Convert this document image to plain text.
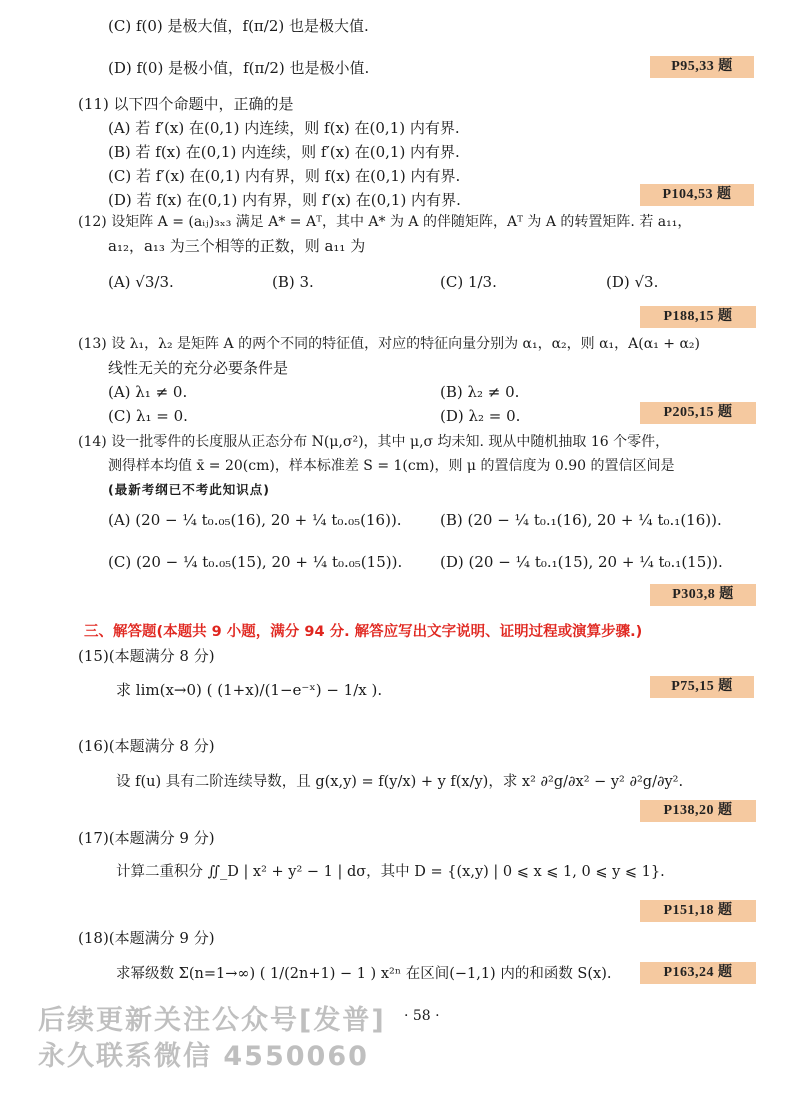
(C) f(0) 是极大值，f(π/2) 也是极大值.
(D) f(0) 是极小值，f(π/2) 也是极小值.	P95,33 题
(11) 以下四个命题中，正确的是
(A) 若 f′(x) 在(0,1) 内连续，则 f(x) 在(0,1) 内有界.
(B) 若 f(x) 在(0,1) 内连续，则 f′(x) 在(0,1) 内有界.
(C) 若 f′(x) 在(0,1) 内有界，则 f(x) 在(0,1) 内有界.
(D) 若 f(x) 在(0,1) 内有界，则 f′(x) 在(0,1) 内有界.	P104,53 题
(12) 设矩阵 A = (aᵢⱼ)₃ₓ₃ 满足 A* = Aᵀ，其中 A* 为 A 的伴随矩阵，Aᵀ 为 A 的转置矩阵. 若 a₁₁，
a₁₂，a₁₃ 为三个相等的正数，则 a₁₁ 为
(A) √3/3.	(B) 3.	(C) 1/3.	(D) √3.
P188,15 题
(13) 设 λ₁，λ₂ 是矩阵 A 的两个不同的特征值，对应的特征向量分别为 α₁，α₂，则 α₁，A(α₁ + α₂)
线性无关的充分必要条件是
(A) λ₁ ≠ 0.	(B) λ₂ ≠ 0.
(C) λ₁ = 0.	(D) λ₂ = 0.	P205,15 题
(14) 设一批零件的长度服从正态分布 N(μ,σ²)，其中 μ,σ 均未知. 现从中随机抽取 16 个零件，
测得样本均值 x̄ = 20(cm)，样本标准差 S = 1(cm)，则 μ 的置信度为 0.90 的置信区间是
(最新考纲已不考此知识点)
(A) (20 − ¼ t₀.₀₅(16), 20 + ¼ t₀.₀₅(16)).	(B) (20 − ¼ t₀.₁(16), 20 + ¼ t₀.₁(16)).
(C) (20 − ¼ t₀.₀₅(15), 20 + ¼ t₀.₀₅(15)).	(D) (20 − ¼ t₀.₁(15), 20 + ¼ t₀.₁(15)).
P303,8 题
三、解答题(本题共 9 小题，满分 94 分. 解答应写出文字说明、证明过程或演算步骤.)
(15)(本题满分 8 分)
求 lim(x→0) ( (1+x)/(1−e⁻ˣ) − 1/x ).	P75,15 题
(16)(本题满分 8 分)
设 f(u) 具有二阶连续导数，且 g(x,y) = f(y/x) + y f(x/y)，求 x² ∂²g/∂x² − y² ∂²g/∂y².
P138,20 题
(17)(本题满分 9 分)
计算二重积分 ∬_D | x² + y² − 1 | dσ，其中 D = {(x,y) | 0 ⩽ x ⩽ 1, 0 ⩽ y ⩽ 1}.
P151,18 题
(18)(本题满分 9 分)
求幂级数 Σ(n=1→∞) ( 1/(2n+1) − 1 ) x²ⁿ 在区间(−1,1) 内的和函数 S(x).	P163,24 题
· 58 ·
后续更新关注公众号[发普]
永久联系微信 4550060
